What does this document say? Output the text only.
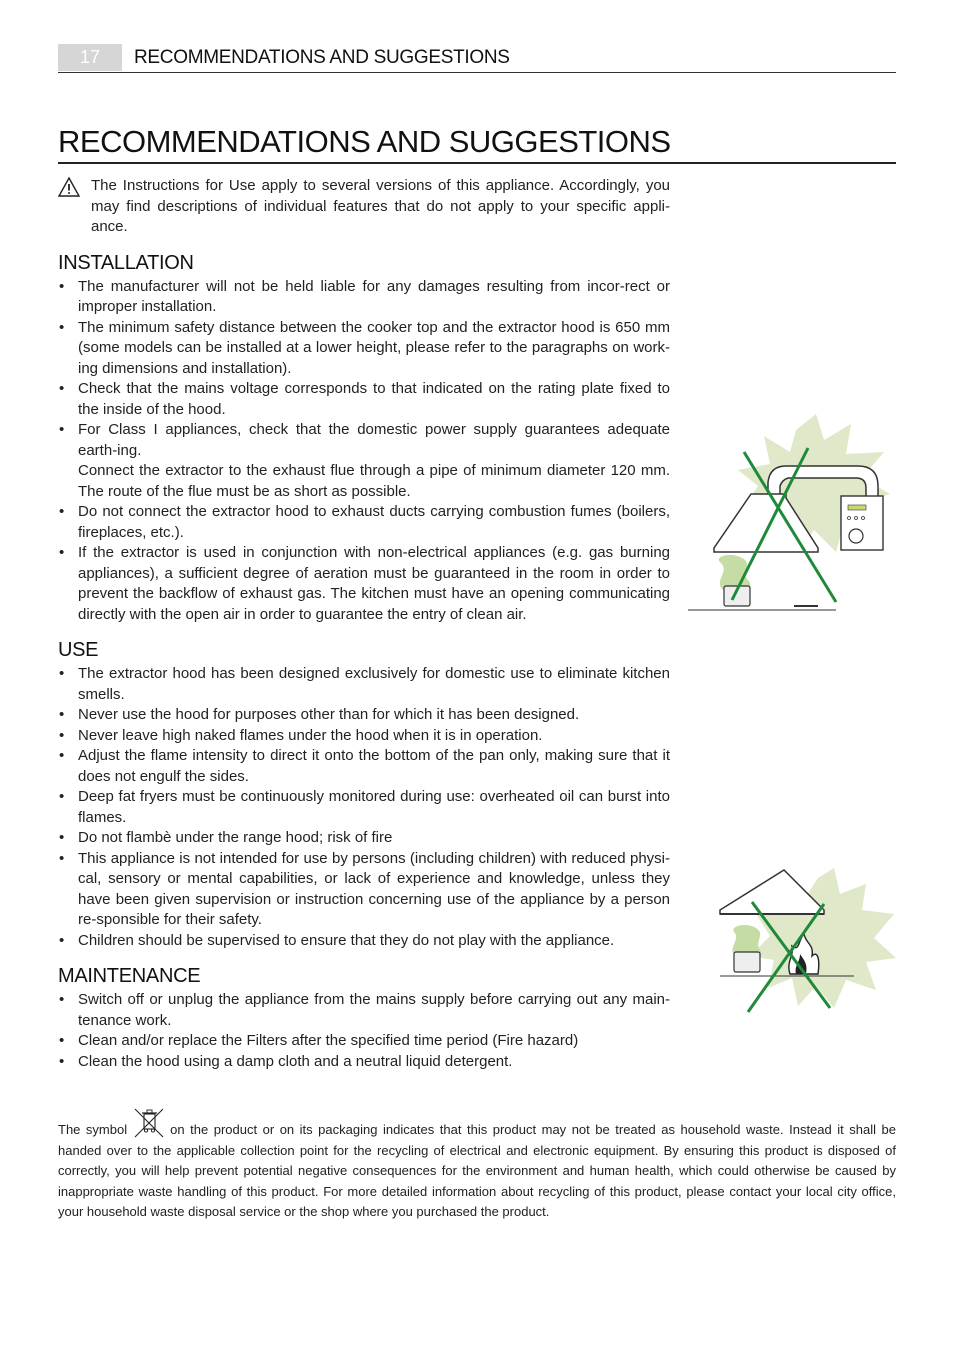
17	RECOMMENDATIONS AND SUGGESTIONS
RECOMMENDATIONS AND SUGGESTIONS

The Instructions for Use apply to several versions of this appliance. Accordingly, you may find descriptions of individual features that do not apply to your specific appli-ance.

INSTALLATION
• The manufacturer will not be held liable for any damages resulting from incor-rect or improper installation.
• The minimum safety distance between the cooker top and the extractor hood is 650 mm (some models can be installed at a lower height, please refer to the paragraphs on work-ing dimensions and installation).
• Check that the mains voltage corresponds to that indicated on the rating plate fixed to the inside of the hood.
• For Class I appliances, check that the domestic power supply guarantees adequate earth-ing.
Connect the extractor to the exhaust flue through a pipe of minimum diameter 120 mm. The route of the flue must be as short as possible.
• Do not connect the extractor hood to exhaust ducts carrying combustion fumes (boilers, fireplaces, etc.).
• If the extractor is used in conjunction with non-electrical appliances (e.g. gas burning appliances), a sufficient degree of aeration must be guaranteed in the room in order to prevent the backflow of exhaust gas. The kitchen must have an opening communicating directly with the open air in order to guarantee the entry of clean air.
USE
• The extractor hood has been designed exclusively for domestic use to eliminate kitchen smells.
• Never use the hood for purposes other than for which it has been designed.
• Never leave high naked flames under the hood when it is in operation.
• Adjust the flame intensity to direct it onto the bottom of the pan only, making sure that it does not engulf the sides.
• Deep fat fryers must be continuously monitored during use: overheated oil can burst into flames.
• Do not flambè under the range hood; risk of fire
• This appliance is not intended for use by persons (including children) with reduced physi-cal, sensory or mental capabilities, or lack of experience and knowledge, unless they have been given supervision or instruction concerning use of the appliance by a person re-sponsible for their safety.
• Children should be supervised to ensure that they do not play with the appliance.
MAINTENANCE
• Switch off or unplug the appliance from the mains supply before carrying out any main-tenance work.
• Clean and/or replace the Filters after the specified time period (Fire hazard)
• Clean the hood using a damp cloth and a neutral liquid detergent.
The symbol	on the product or on its packaging indicates that this product may not be treated as household waste. Instead it shall be handed over to the applicable collection point for the recycling of electrical and electronic equipment. By ensuring this product is disposed of correctly, you will help prevent potential negative consequences for the environment and human health, which could otherwise be caused by inappropriate waste handling of this product. For more detailed information about recycling of this product, please contact your local city office, your household waste disposal service or the shop where you purchased the product.
